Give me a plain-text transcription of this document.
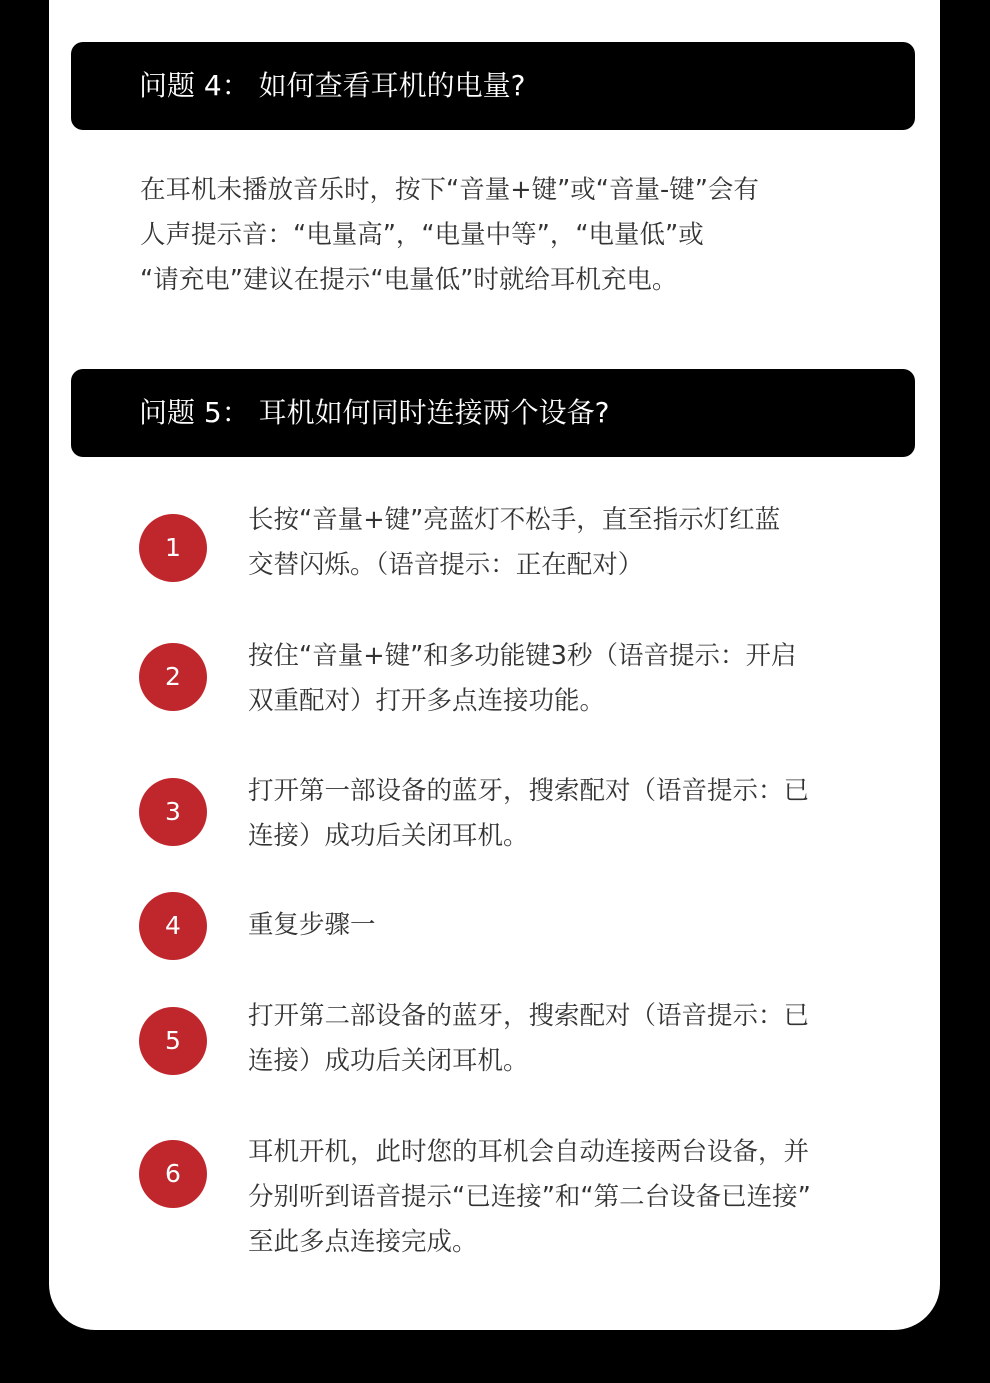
问题 4： 如何查看耳机的电量?
在耳机未播放音乐时，按下“音量+键”或“音量-键”会有
人声提示音：“电量高”，“电量中等”，“电量低”或
“请充电”建议在提示“电量低”时就给耳机充电。
问题 5： 耳机如何同时连接两个设备?
1
长按“音量+键”亮蓝灯不松手，直至指示灯红蓝
交替闪烁。（语音提示：正在配对）
2
按住“音量+键”和多功能键3秒（语音提示：开启
双重配对）打开多点连接功能。
3
打开第一部设备的蓝牙，搜索配对（语音提示：已
连接）成功后关闭耳机。
4	重复步骤一
5
打开第二部设备的蓝牙，搜索配对（语音提示：已
连接）成功后关闭耳机。
6
耳机开机，此时您的耳机会自动连接两台设备，并
分别听到语音提示“已连接”和“第二台设备已连接”
至此多点连接完成。
